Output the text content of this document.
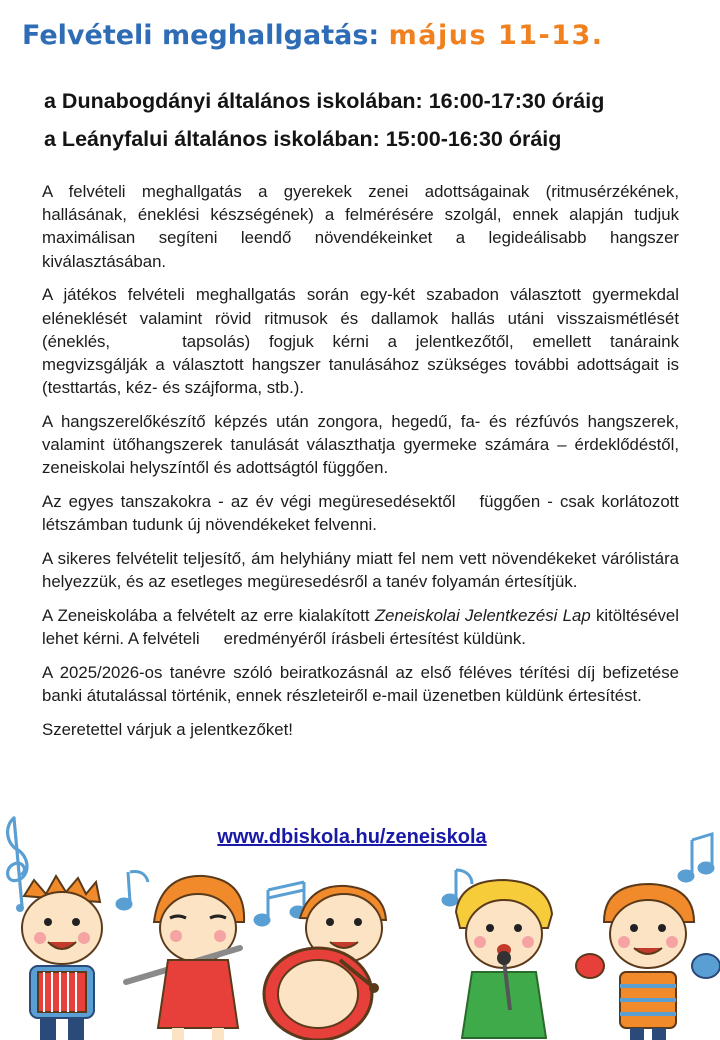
Felvételi meghallgatás: május 11-13.
a Dunabogdányi általános iskolában: 16:00-17:30 óráig
a Leányfalui általános iskolában: 15:00-16:30 óráig

A felvételi meghallgatás a gyerekek zenei adottságainak (ritmusérzékének, hallásának, éneklési készségének) a felmérésére szolgál, ennek alapján tudjuk maximálisan segíteni leendő növendékeinket a legideálisabb hangszer kiválasztásában.

A játékos felvételi meghallgatás során egy-két szabadon választott gyermekdal eléneklését valamint rövid ritmusok és dallamok hallás utáni visszaismétlését (éneklés,	tapsolás) fogjuk kérni a jelentkezőtől, emellett tanáraink megvizsgálják a választott hangszer tanulásához szükséges további adottságait is (testtartás, kéz- és szájforma, stb.).

A hangszerelőkészítő képzés után zongora, hegedű, fa- és rézfúvós hangszerek, valamint ütőhangszerek tanulását választhatja gyermeke számára – érdeklődéstől, zeneiskolai helyszíntől és adottságtól függően.

Az egyes tanszakokra - az év végi megüresedésektől függően - csak korlátozott létszámban tudunk új növendékeket felvenni.

A sikeres felvételit teljesítő, ám helyhiány miatt fel nem vett növendékeket várólistára helyezzük, és az esetleges megüresedésről a tanév folyamán értesítjük.

A Zeneiskolába a felvételt az erre kialakított Zeneiskolai Jelentkezési Lap kitöltésével lehet kérni. A felvételi eredményéről írásbeli értesítést küldünk.

A 2025/2026-os tanévre szóló beiratkozásnál az első féléves térítési díj befizetése banki átutalással történik, ennek részleteiről e-mail üzenetben küldünk értesítést.

Szeretettel várjuk a jelentkezőket!

www.dbiskola.hu/zeneiskola
